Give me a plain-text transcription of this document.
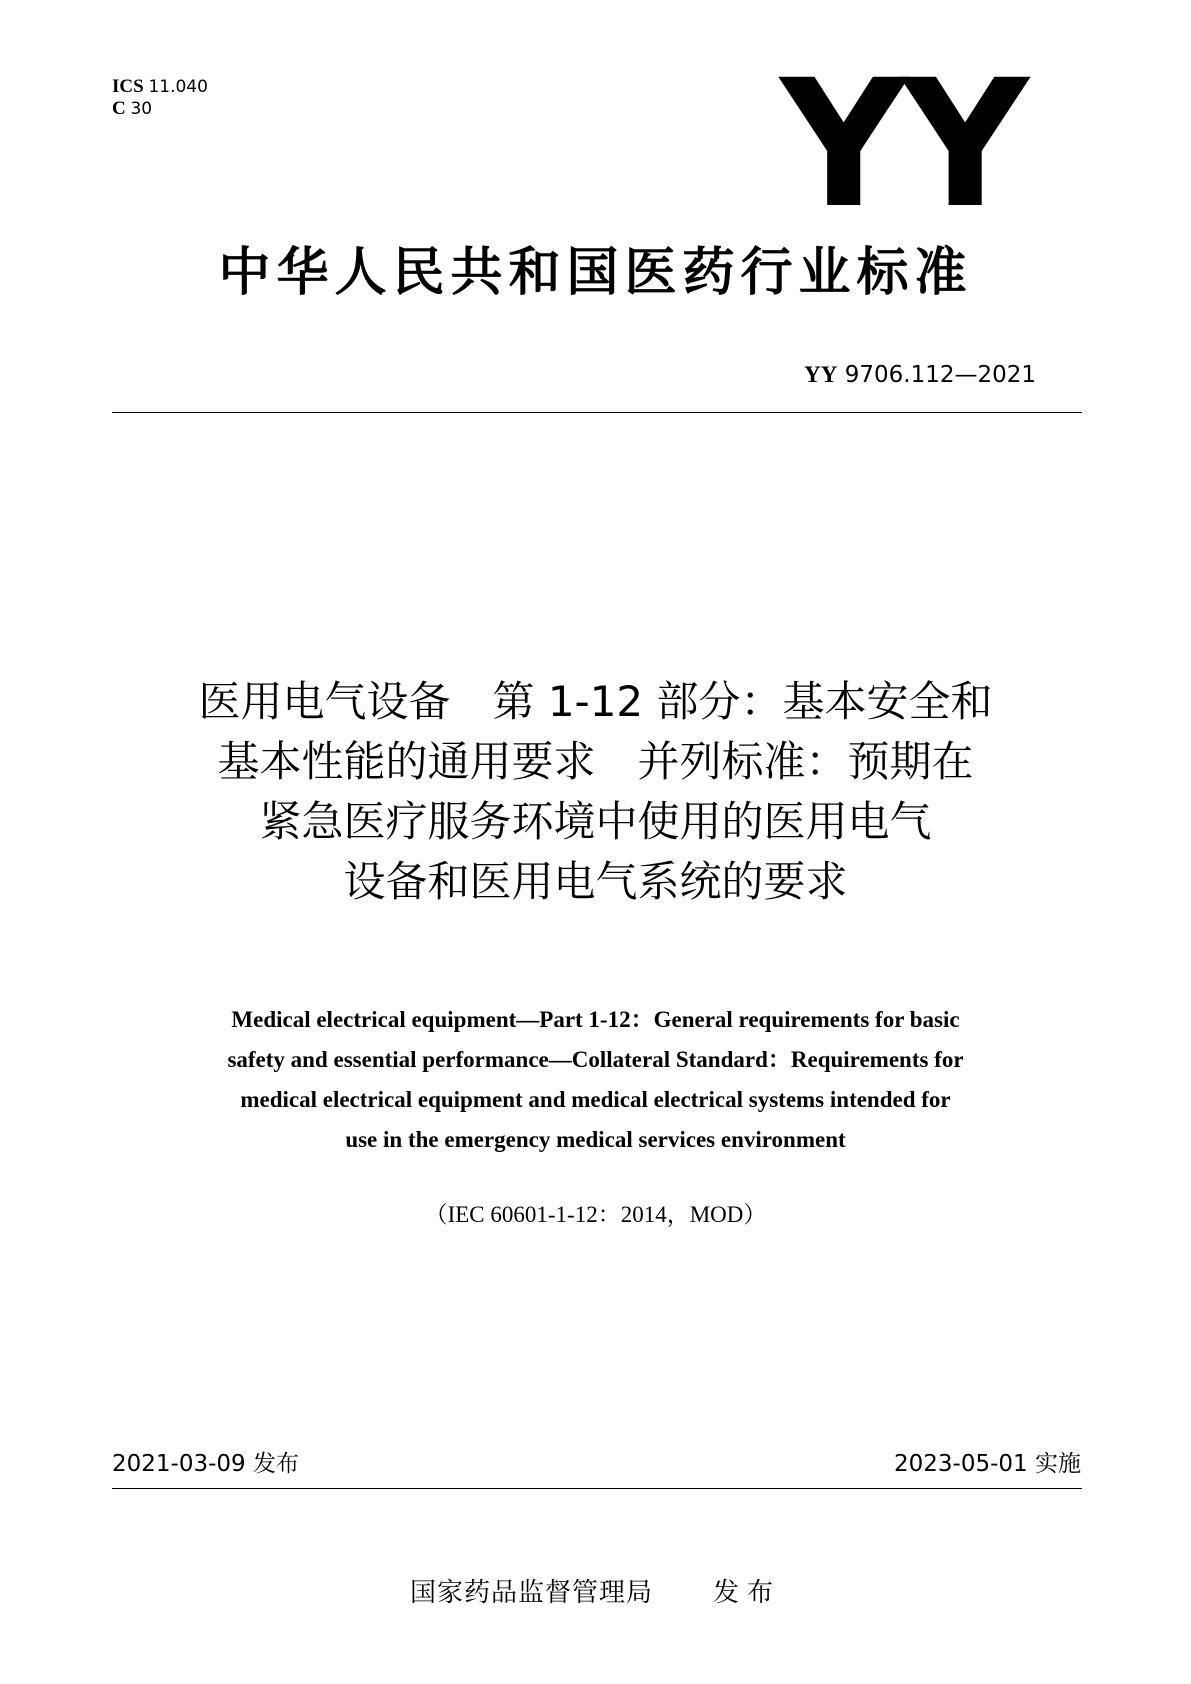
ICS 11.040
C 30	YY
中华人民共和国医药行业标准
YY 9706.112—2021
医用电气设备　第 1-12 部分：基本安全和
基本性能的通用要求　并列标准：预期在
紧急医疗服务环境中使用的医用电气
设备和医用电气系统的要求
Medical electrical equipment—Part 1-12：General requirements for basic
safety and essential performance—Collateral Standard：Requirements for
medical electrical equipment and medical electrical systems intended for
use in the emergency medical services environment
（IEC 60601-1-12：2014，MOD）
2021-03-09 发布	2023-05-01 实施
国家药品监督管理局 发布
